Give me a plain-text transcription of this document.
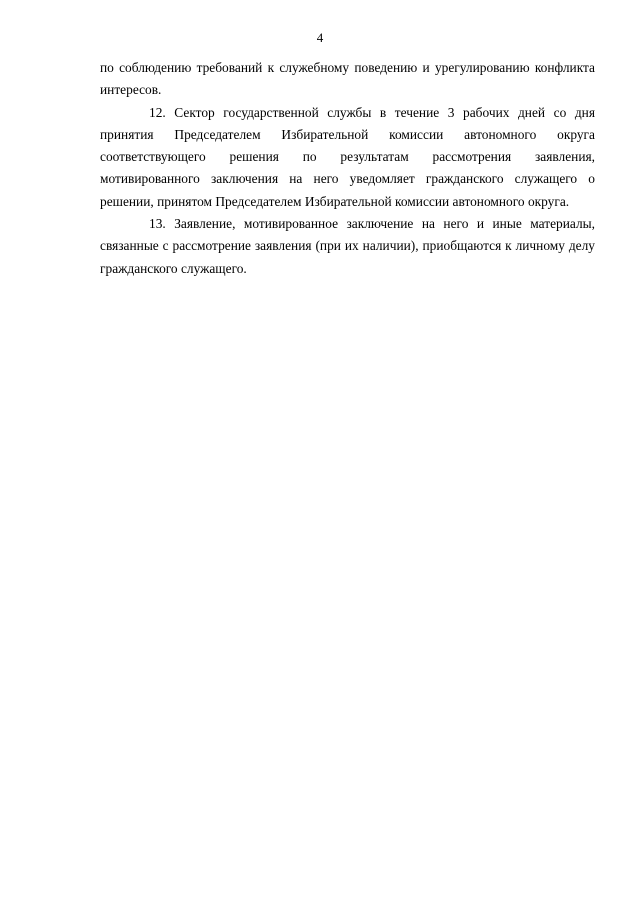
4

по соблюдению требований к служебному поведению и урегулированию конфликта интересов.

12. Сектор государственной службы в течение 3 рабочих дней со дня принятия Председателем Избирательной комиссии автономного округа соответствующего решения по результатам рассмотрения заявления, мотивированного заключения на него уведомляет гражданского служащего о решении, принятом Председателем Избирательной комиссии автономного округа.

13. Заявление, мотивированное заключение на него и иные материалы, связанные с рассмотрение заявления (при их наличии), приобщаются к личному делу гражданского служащего.
